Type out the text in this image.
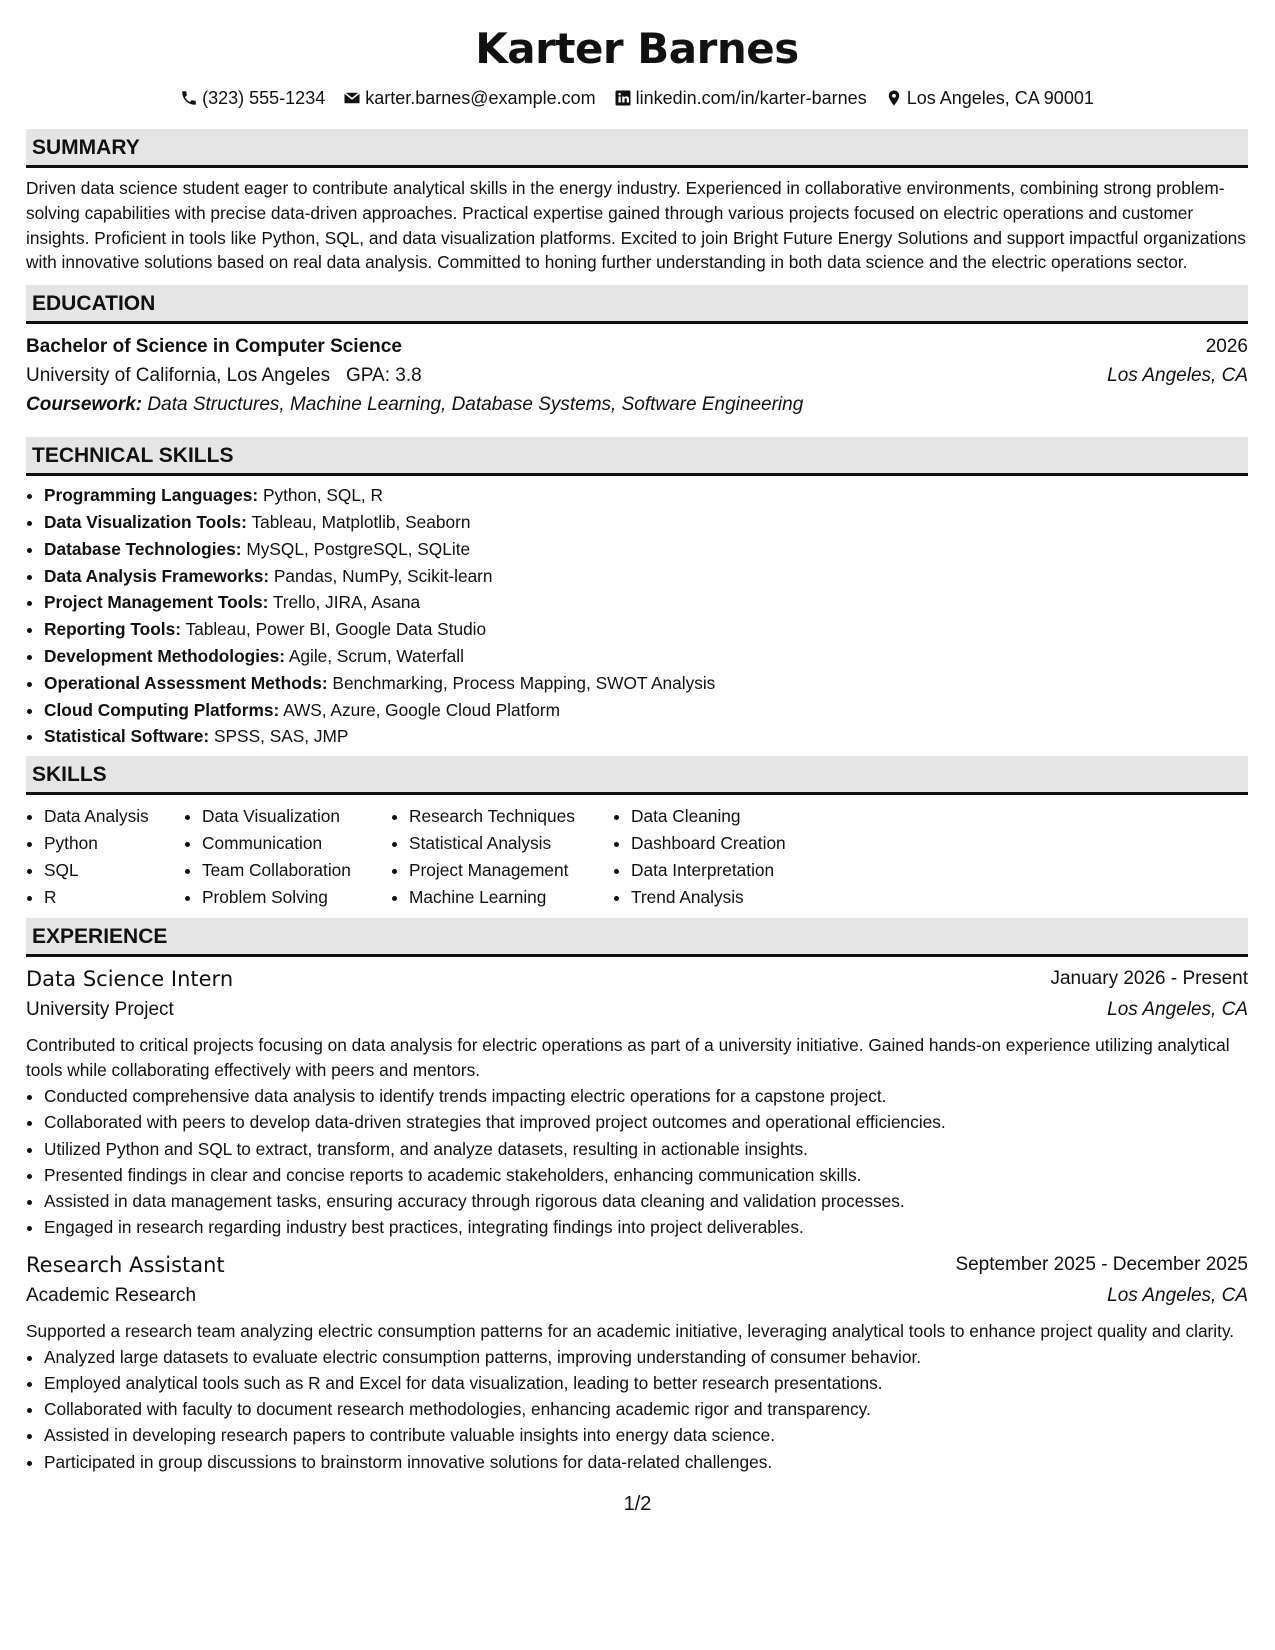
Karter Barnes
(323) 555-1234 karter.barnes@example.com linkedin.com/in/karter-barnes Los Angeles, CA 90001
SUMMARY
Driven data science student eager to contribute analytical skills in the energy industry. Experienced in collaborative environments, combining strong problem-solving capabilities with precise data-driven approaches. Practical expertise gained through various projects focused on electric operations and customer insights. Proficient in tools like Python, SQL, and data visualization platforms. Excited to join Bright Future Energy Solutions and support impactful organizations with innovative solutions based on real data analysis. Committed to honing further understanding in both data science and the electric operations sector.
EDUCATION
Bachelor of Science in Computer Science	2026
University of California, Los Angeles GPA: 3.8	Los Angeles, CA
Coursework: Data Structures, Machine Learning, Database Systems, Software Engineering
TECHNICAL SKILLS
• Programming Languages: Python, SQL, R
• Data Visualization Tools: Tableau, Matplotlib, Seaborn
• Database Technologies: MySQL, PostgreSQL, SQLite
• Data Analysis Frameworks: Pandas, NumPy, Scikit-learn
• Project Management Tools: Trello, JIRA, Asana
• Reporting Tools: Tableau, Power BI, Google Data Studio
• Development Methodologies: Agile, Scrum, Waterfall
• Operational Assessment Methods: Benchmarking, Process Mapping, SWOT Analysis
• Cloud Computing Platforms: AWS, Azure, Google Cloud Platform
• Statistical Software: SPSS, SAS, JMP
SKILLS
• Data Analysis
• Python
• SQL
• R
• Data Visualization
• Communication
• Team Collaboration
• Problem Solving
• Research Techniques
• Statistical Analysis
• Project Management
• Machine Learning
• Data Cleaning
• Dashboard Creation
• Data Interpretation
• Trend Analysis
EXPERIENCE
Data Science Intern	January 2026 - Present
University Project	Los Angeles, CA
Contributed to critical projects focusing on data analysis for electric operations as part of a university initiative. Gained hands-on experience utilizing analytical tools while collaborating effectively with peers and mentors.
• Conducted comprehensive data analysis to identify trends impacting electric operations for a capstone project.
• Collaborated with peers to develop data-driven strategies that improved project outcomes and operational efficiencies.
• Utilized Python and SQL to extract, transform, and analyze datasets, resulting in actionable insights.
• Presented findings in clear and concise reports to academic stakeholders, enhancing communication skills.
• Assisted in data management tasks, ensuring accuracy through rigorous data cleaning and validation processes.
• Engaged in research regarding industry best practices, integrating findings into project deliverables.
Research Assistant	September 2025 - December 2025
Academic Research	Los Angeles, CA
Supported a research team analyzing electric consumption patterns for an academic initiative, leveraging analytical tools to enhance project quality and clarity.
• Analyzed large datasets to evaluate electric consumption patterns, improving understanding of consumer behavior.
• Employed analytical tools such as R and Excel for data visualization, leading to better research presentations.
• Collaborated with faculty to document research methodologies, enhancing academic rigor and transparency.
• Assisted in developing research papers to contribute valuable insights into energy data science.
• Participated in group discussions to brainstorm innovative solutions for data-related challenges.
1/2
